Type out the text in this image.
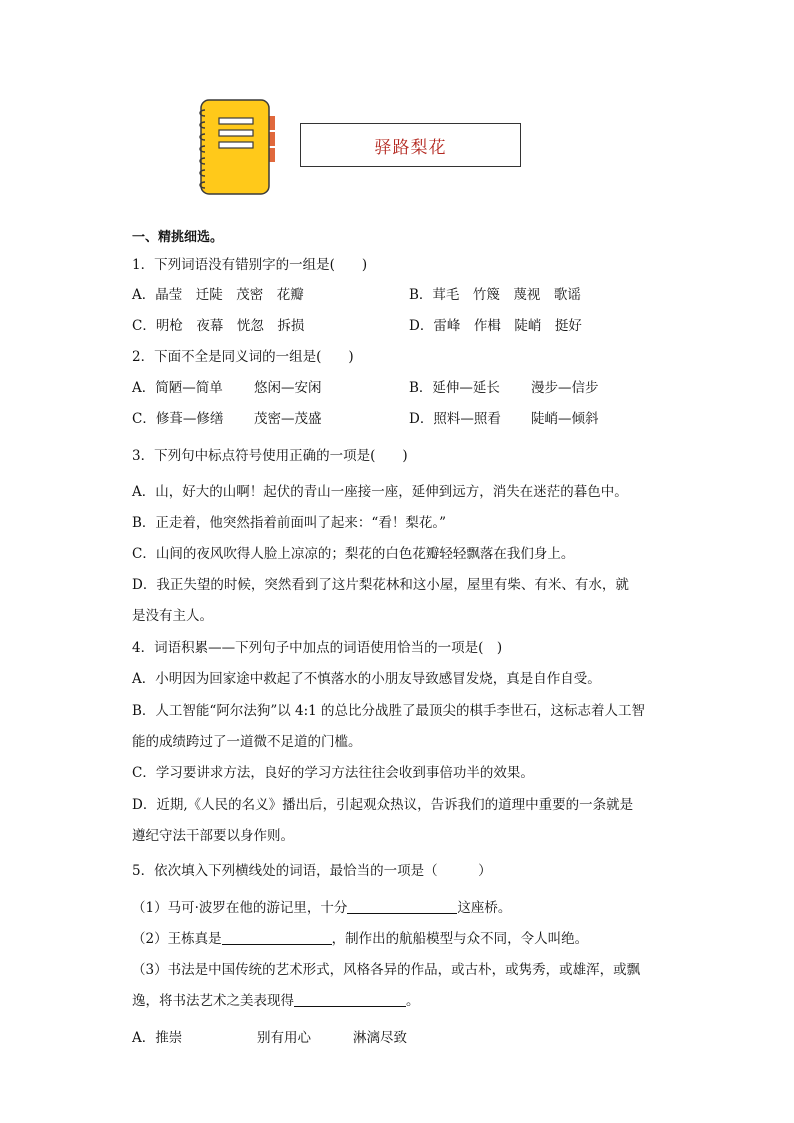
驿路梨花
一、精挑细选。
1．下列词语没有错别字的一组是(　　)
A．晶莹　迁陡　茂密　花瓣	B．茸毛　竹篾　蔑视　歌谣
C．明枪　夜幕　恍忽　拆损	D．雷峰　作楫　陡峭　挺好
2．下面不全是同义词的一组是(　　)
A．简陋—简单 悠闲—安闲	B．延伸—延长 漫步—信步
C．修葺—修缮 茂密—茂盛	D．照料—照看 陡峭—倾斜
3．下列句中标点符号使用正确的一项是(　　)
A．山，好大的山啊！起伏的青山一座接一座，延伸到远方，消失在迷茫的暮色中。
B．正走着，他突然指着前面叫了起来：“看！梨花。”
C．山间的夜风吹得人脸上凉凉的；梨花的白色花瓣轻轻飘落在我们身上。
D．我正失望的时候，突然看到了这片梨花林和这小屋，屋里有柴、有米、有水，就
是没有主人。
4．词语积累——下列句子中加点的词语使用恰当的一项是(　)
A．小明因为回家途中救起了不慎落水的小朋友导致感冒发烧，真是自作自受。
B．人工智能“阿尔法狗”以 4:1 的总比分战胜了最顶尖的棋手李世石，这标志着人工智
能的成绩跨过了一道微不足道的门槛。
C．学习要讲求方法，良好的学习方法往往会收到事倍功半的效果。
D．近期,《人民的名义》播出后，引起观众热议，告诉我们的道理中重要的一条就是
遵纪守法干部要以身作则。
5．依次填入下列横线处的词语，最恰当的一项是（　　　）
（1）马可·波罗在他的游记里，十分	这座桥。
（2）王栋真是	，制作出的航船模型与众不同，令人叫绝。
（3）书法是中国传统的艺术形式，风格各异的作品，或古朴，或隽秀，或雄浑，或飘
逸，将书法艺术之美表现得	。
A．推崇	别有用心	淋漓尽致
